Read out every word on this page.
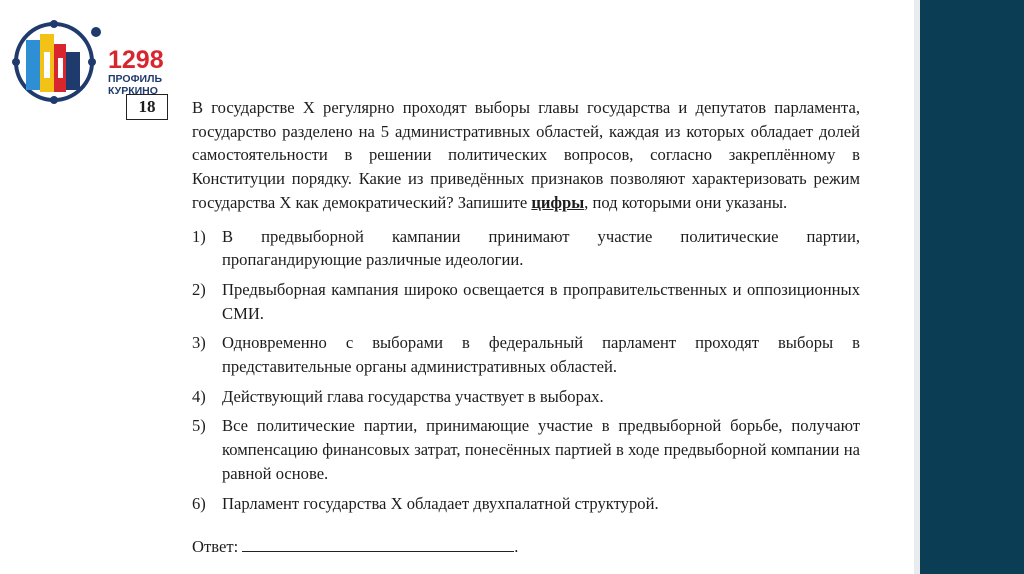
1298
ПРОФИЛЬ
КУРКИНО
18	В государстве Х регулярно проходят выборы главы государства и депутатов парламента, государство разделено на 5 административных областей, каждая из которых обладает долей самостоятельности в решении политических вопросов, согласно закреплённому в Конституции порядку. Какие из приведённых признаков позволяют характеризовать режим государства Х как демократический? Запишите цифры, под которыми они указаны.

1) В предвыборной кампании принимают участие политические партии, пропагандирующие различные идеологии.
2) Предвыборная кампания широко освещается в проправительственных и оппозиционных СМИ.
3) Одновременно с выборами в федеральный парламент проходят выборы в представительные органы административных областей.
4) Действующий глава государства участвует в выборах.
5) Все политические партии, принимающие участие в предвыборной борьбе, получают компенсацию финансовых затрат, понесённых партией в ходе предвыборной компании на равной основе.
6) Парламент государства Х обладает двухпалатной структурой.
Ответ:	.
